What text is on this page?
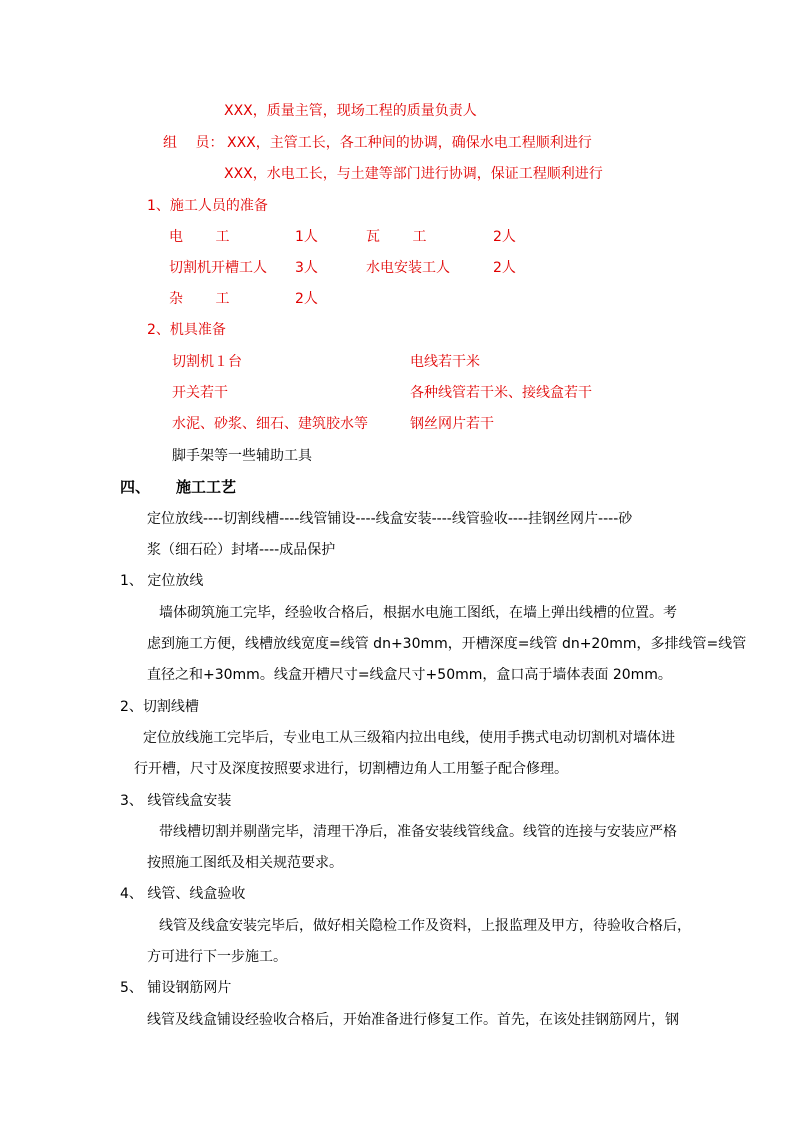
XXX，质量主管，现场工程的质量负责人
组　 员： XXX，主管工长，各工种间的协调，确保水电工程顺利进行
XXX，水电工长，与土建等部门进行协调，保证工程顺利进行
1、施工人员的准备
电　　 工	1人	瓦　　 工	2人
切割机开槽工人 3人	水电安装工人	2人
杂　　 工	2人
2、机具准备
切割机１台	电线若干米
开关若干	各种线管若干米、接线盒若干
水泥、砂浆、细石、建筑胶水等	钢丝网片若干
脚手架等一些辅助工具
四、 施工工艺
定位放线----切割线槽----线管铺设----线盒安装----线管验收----挂钢丝网片----砂
浆（细石砼）封堵----成品保护
1、 定位放线
墙体砌筑施工完毕，经验收合格后，根据水电施工图纸，在墙上弹出线槽的位置。考
虑到施工方便，线槽放线宽度=线管 dn+30mm，开槽深度=线管 dn+20mm，多排线管=线管
直径之和+30mm。线盒开槽尺寸=线盒尺寸+50mm，盒口高于墙体表面 20mm。
2、切割线槽
定位放线施工完毕后，专业电工从三级箱内拉出电线，使用手携式电动切割机对墙体进
行开槽，尺寸及深度按照要求进行，切割槽边角人工用錾子配合修理。
3、 线管线盒安装
带线槽切割并剔凿完毕，清理干净后，准备安装线管线盒。线管的连接与安装应严格
按照施工图纸及相关规范要求。
4、 线管、线盒验收
线管及线盒安装完毕后，做好相关隐检工作及资料，上报监理及甲方，待验收合格后，
方可进行下一步施工。
5、 铺设钢筋网片
线管及线盒铺设经验收合格后，开始准备进行修复工作。首先，在该处挂钢筋网片，钢
